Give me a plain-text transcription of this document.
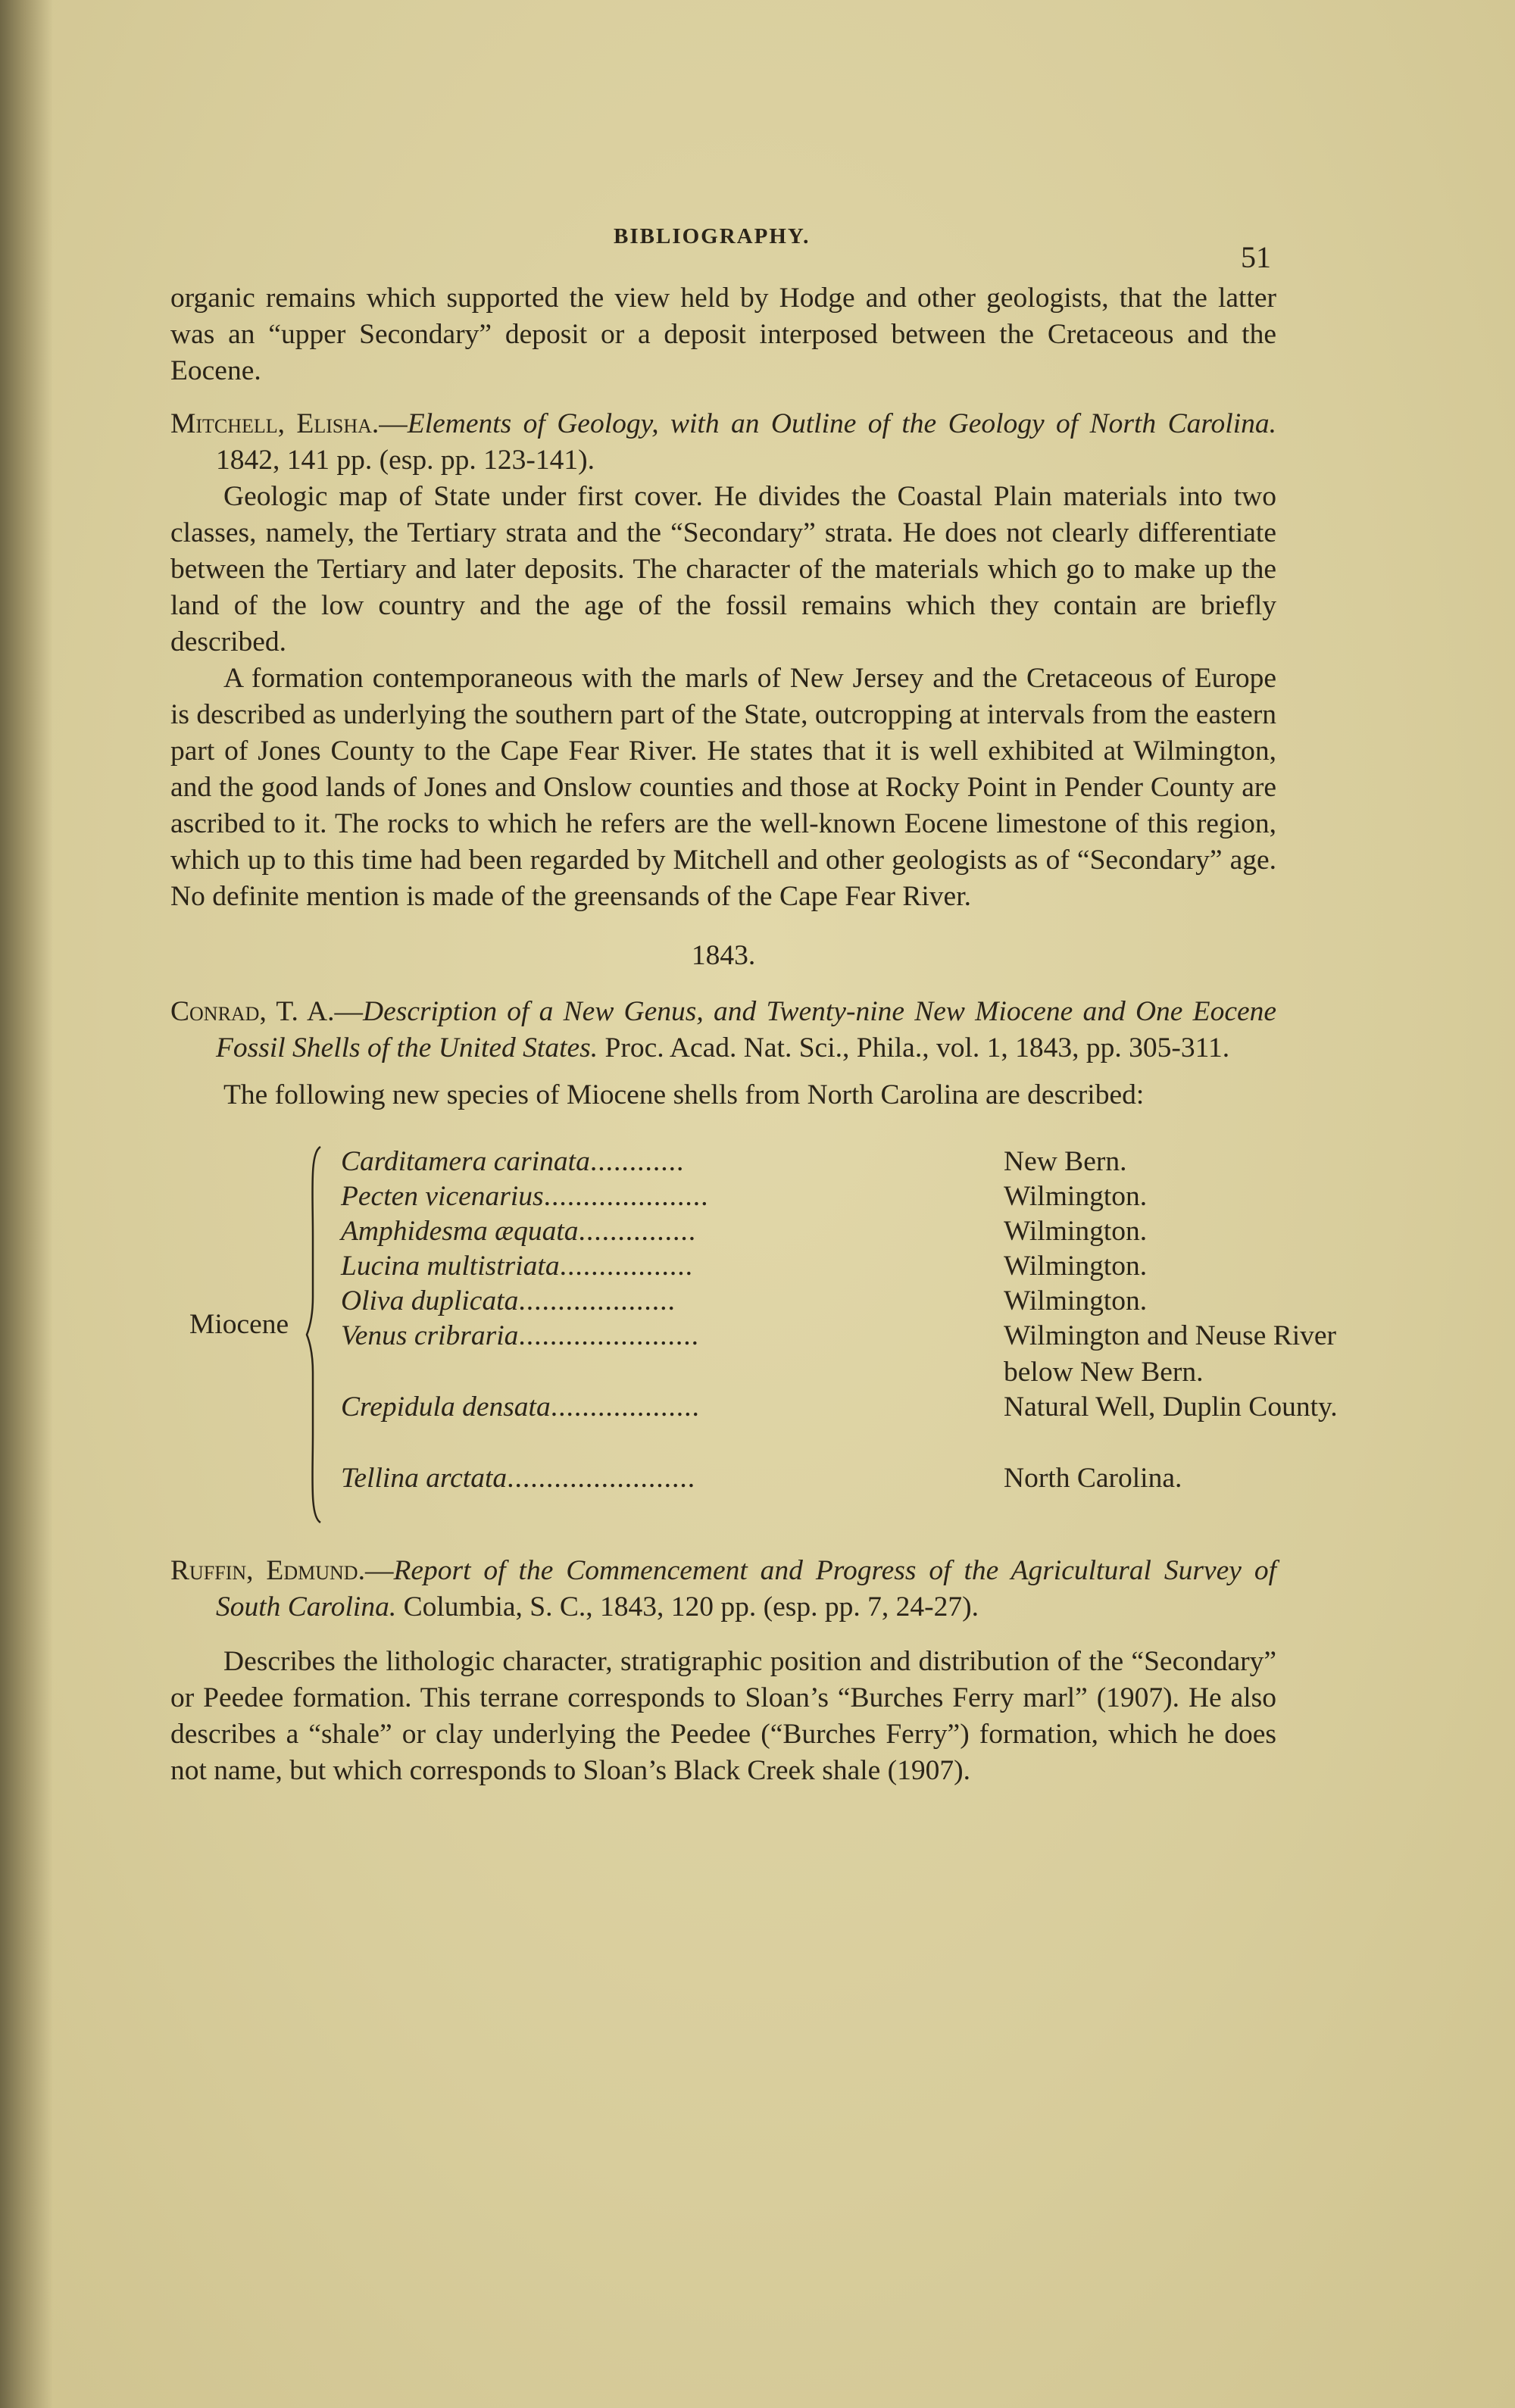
BIBLIOGRAPHY.
51

organic remains which supported the view held by Hodge and other geologists, that the latter was an “upper Secondary” deposit or a deposit interposed between the Cretaceous and the Eocene.

Mitchell, Elisha.—Elements of Geology, with an Outline of the Geology of North Carolina. 1842, 141 pp. (esp. pp. 123-141).

Geologic map of State under first cover. He divides the Coastal Plain materials into two classes, namely, the Tertiary strata and the “Secondary” strata. He does not clearly differentiate between the Tertiary and later deposits. The character of the materials which go to make up the land of the low country and the age of the fossil remains which they contain are briefly described.

A formation contemporaneous with the marls of New Jersey and the Cretaceous of Europe is described as underlying the southern part of the State, outcropping at intervals from the eastern part of Jones County to the Cape Fear River. He states that it is well exhibited at Wilmington, and the good lands of Jones and Onslow counties and those at Rocky Point in Pender County are ascribed to it. The rocks to which he refers are the well-known Eocene limestone of this region, which up to this time had been regarded by Mitchell and other geologists as of “Secondary” age. No definite mention is made of the greensands of the Cape Fear River.

1843.
Conrad, T. A.—Description of a New Genus, and Twenty-nine New Miocene and One Eocene Fossil Shells of the United States. Proc. Acad. Nat. Sci., Phila., vol. 1, 1843, pp. 305-311.

The following new species of Miocene shells from North Carolina are described:

Miocene
Carditamera carinata............	New Bern.
Pecten vicenarius.....................	Wilmington.
Amphidesma æquata...............	Wilmington.
Lucina multistriata.................	Wilmington.
Oliva duplicata....................	Wilmington.
Venus cribraria.......................	Wilmington and Neuse River below New Bern.
Crepidula densata...................	Natural Well, Duplin County.
Tellina arctata........................	North Carolina.
Ruffin, Edmund.—Report of the Commencement and Progress of the Agricultural Survey of South Carolina. Columbia, S. C., 1843, 120 pp. (esp. pp. 7, 24-27).

Describes the lithologic character, stratigraphic position and distribution of the “Secondary” or Peedee formation. This terrane corresponds to Sloan’s “Burches Ferry marl” (1907). He also describes a “shale” or clay underlying the Peedee (“Burches Ferry”) formation, which he does not name, but which corresponds to Sloan’s Black Creek shale (1907).
